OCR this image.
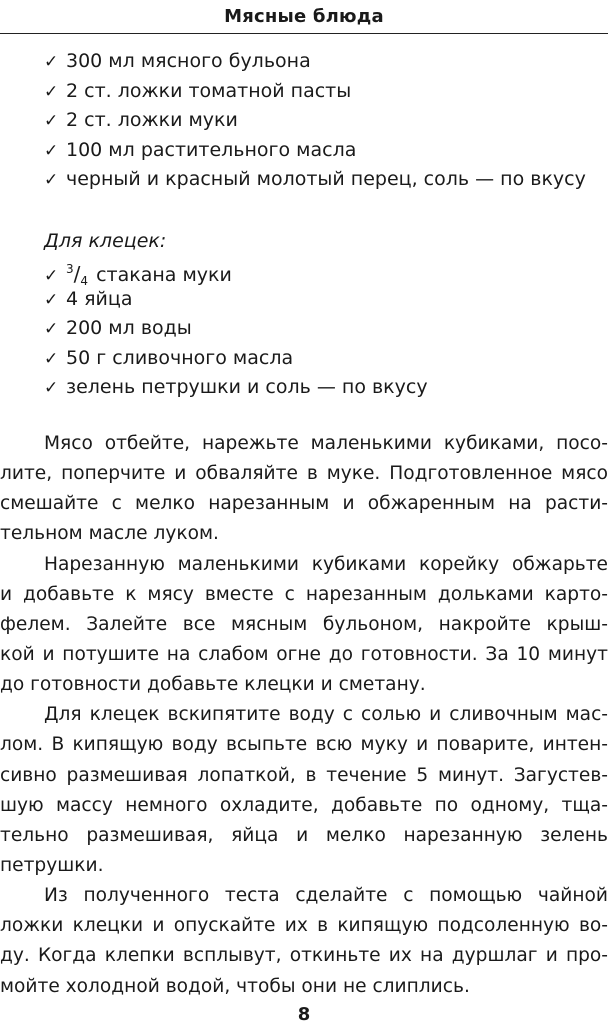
Мясные блюда
✓ 300 мл мясного бульона
✓ 2 ст. ложки томатной пасты
✓ 2 ст. ложки муки
✓ 100 мл растительного масла
✓ черный и красный молотый перец, соль — по вкусу
Для клецек:
✓ $^3/_4$ стакана муки
✓ 4 яйца
✓ 200 мл воды
✓ 50 г сливочного масла
✓ зелень петрушки и соль — по вкусу
Мясо отбейте, нарежьте маленькими кубиками, посо-
лите, поперчите и обваляйте в муке. Подготовленное мясо
смешайте с мелко нарезанным и обжаренным на расти-
тельном масле луком.
Нарезанную маленькими кубиками корейку обжарьте
и добавьте к мясу вместе с нарезанным дольками карто-
фелем. Залейте все мясным бульоном, накройте крыш-
кой и потушите на слабом огне до готовности. За 10 минут
до готовности добавьте клецки и сметану.
Для клецек вскипятите воду с солью и сливочным мас-
лом. В кипящую воду всыпьте всю муку и поварите, интен-
сивно размешивая лопаткой, в течение 5 минут. Загустев-
шую массу немного охладите, добавьте по одному, тща-
тельно размешивая, яйца и мелко нарезанную зелень
петрушки.
Из полученного теста сделайте с помощью чайной
ложки клецки и опускайте их в кипящую подсоленную во-
ду. Когда клепки всплывут, откиньте их на дуршлаг и про-
мойте холодной водой, чтобы они не слиплись.
8
